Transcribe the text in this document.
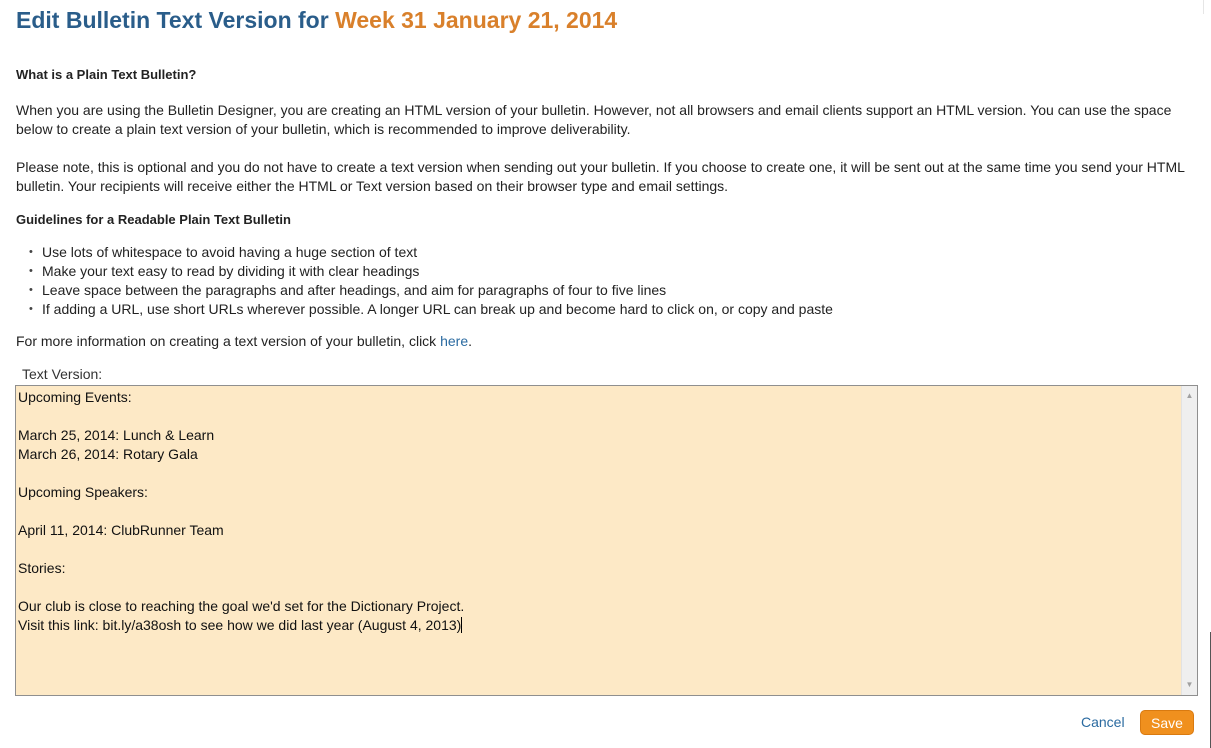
Edit Bulletin Text Version for Week 31 January 21, 2014
What is a Plain Text Bulletin?

When you are using the Bulletin Designer, you are creating an HTML version of your bulletin. However, not all browsers and email clients support an HTML version. You can use the space below to create a plain text version of your bulletin, which is recommended to improve deliverability.

Please note, this is optional and you do not have to create a text version when sending out your bulletin. If you choose to create one, it will be sent out at the same time you send your HTML bulletin. Your recipients will receive either the HTML or Text version based on their browser type and email settings.

Guidelines for a Readable Plain Text Bulletin
• Use lots of whitespace to avoid having a huge section of text
• Make your text easy to read by dividing it with clear headings
• Leave space between the paragraphs and after headings, and aim for paragraphs of four to five lines
• If adding a URL, use short URLs wherever possible. A longer URL can break up and become hard to click on, or copy and paste

For more information on creating a text version of your bulletin, click here.

Text Version:
Upcoming Events:
March 25, 2014: Lunch & Learn
March 26, 2014: Rotary Gala
Upcoming Speakers:
April 11, 2014: ClubRunner Team
Stories:
Our club is close to reaching the goal we'd set for the Dictionary Project.
Visit this link: bit.ly/a38osh to see how we did last year (August 4, 2013)
▲
▼
Cancel	Save
